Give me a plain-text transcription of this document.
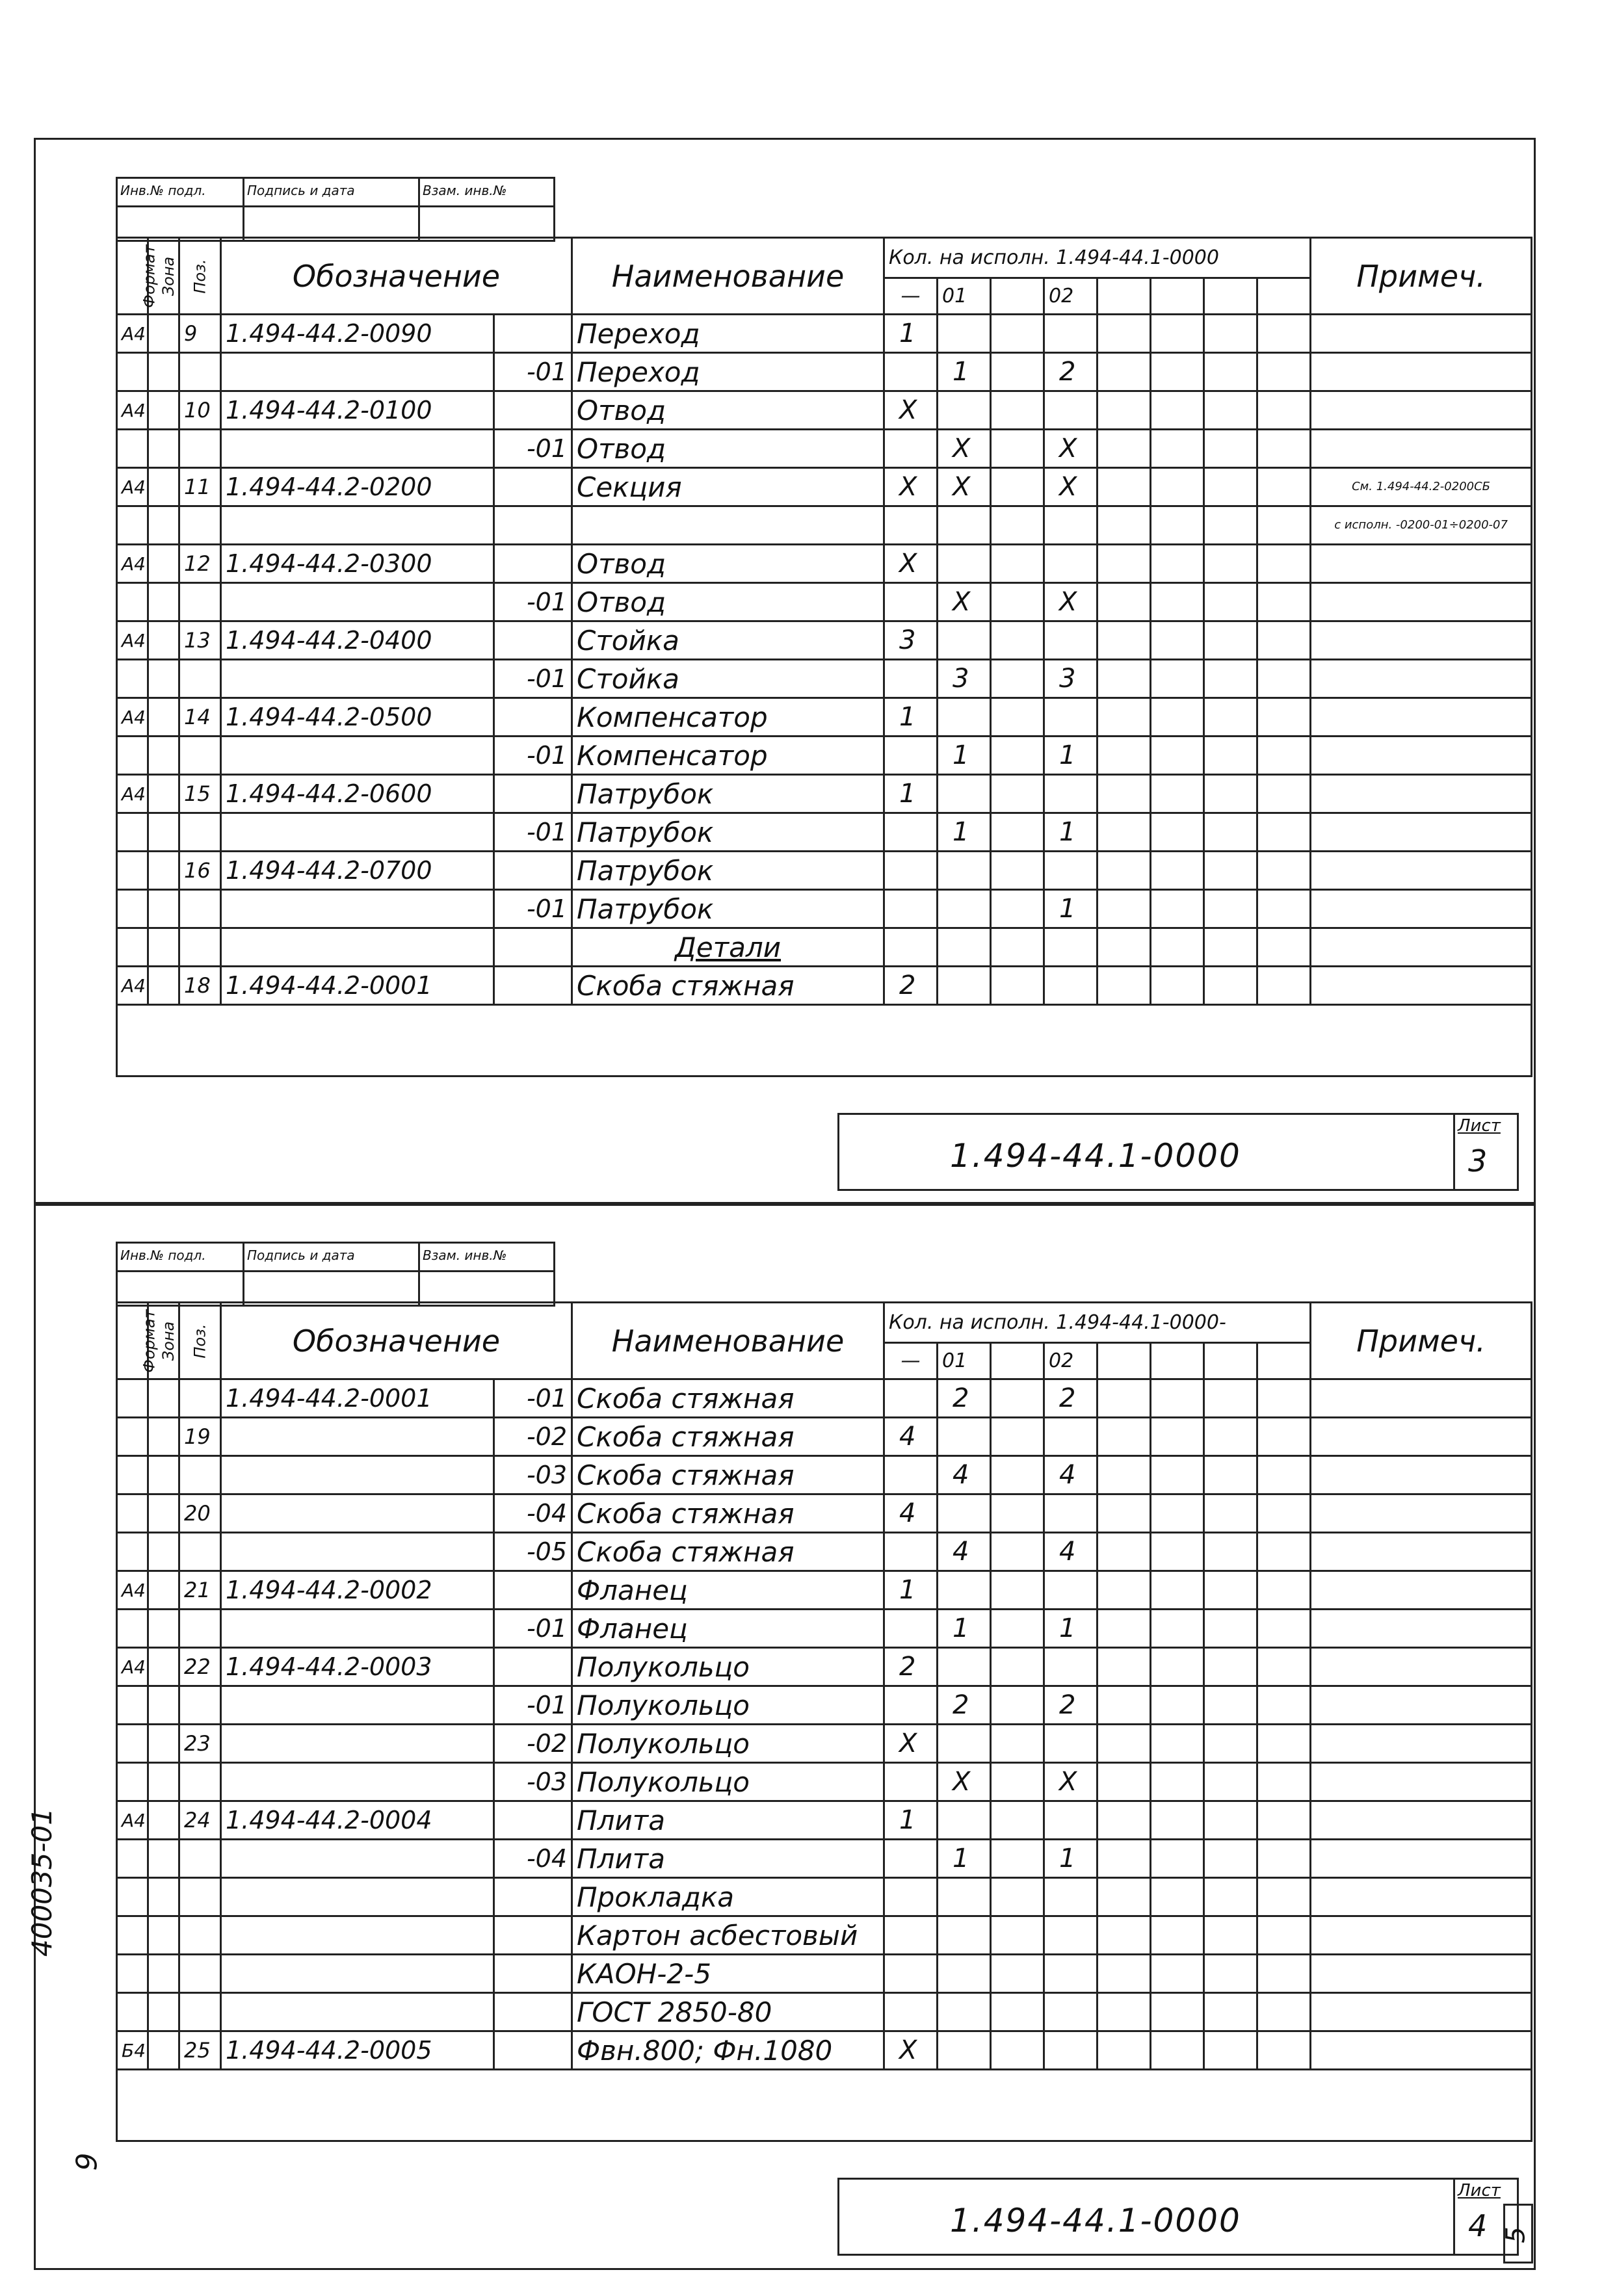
Инв.№ подл.	Подпись и дата	Взам. инв.№
Формат	Зона	Поз.	Обозначение		Наименование	Кол. на исполн. 1.494-44.1-0000								Примеч.
						—	01		02					
А4		9	1.494-44.2-0090		Переход	1								
				-01	Переход		1		2					
А4		10	1.494-44.2-0100		Отвод	X								
				-01	Отвод		X		X					
А4		11	1.494-44.2-0200		Секция	X	X		X					См. 1.494-44.2-0200СБ
														с исполн. -0200-01÷0200-07
А4		12	1.494-44.2-0300		Отвод	X								
				-01	Отвод		X		X					
А4		13	1.494-44.2-0400		Стойка	3								
				-01	Стойка		3		3					
А4		14	1.494-44.2-0500		Компенсатор	1								
				-01	Компенсатор		1		1					
А4		15	1.494-44.2-0600		Патрубок	1								
				-01	Патрубок		1		1					
		16	1.494-44.2-0700		Патрубок									
				-01	Патрубок				1					
					Детали									
А4		18	1.494-44.2-0001		Скоба стяжная	2								

1.494-44.1-0000
Лист
3
Инв.№ подл.	Подпись и дата	Взам. инв.№
Формат	Зона	Поз.	Обозначение		Наименование	Кол. на исполн. 1.494-44.1-0000-								Примеч.
						—	01		02					
			1.494-44.2-0001	-01	Скоба стяжная		2		2					
		19		-02	Скоба стяжная	4								
				-03	Скоба стяжная		4		4					
		20		-04	Скоба стяжная	4								
				-05	Скоба стяжная		4		4					
А4		21	1.494-44.2-0002		Фланец	1								
				-01	Фланец		1		1					
А4		22	1.494-44.2-0003		Полукольцо	2								
				-01	Полукольцо		2		2					
		23		-02	Полукольцо	X								
				-03	Полукольцо		X		X					
А4		24	1.494-44.2-0004		Плита	1								
				-04	Плита		1		1					
					Прокладка									
					Картон асбестовый									
					КАОН-2-5									
					ГОСТ 2850-80									
Б4		25	1.494-44.2-0005		Фвн.800; Фн.1080	X								

1.494-44.1-0000
Лист
4
400035-01
9
5
